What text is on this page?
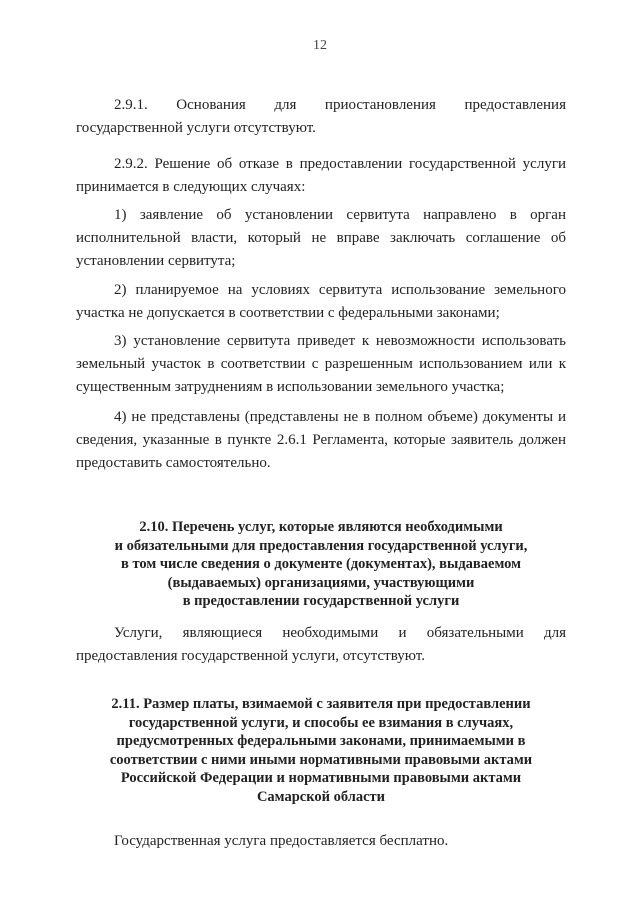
12

2.9.1. Основания для приостановления предоставления

государственной услуги отсутствуют.

2.9.2. Решение об отказе в предоставлении государственной услуги принимается в следующих случаях:

1) заявление об установлении сервитута направлено в орган исполнительной власти, который не вправе заключать соглашение об установлении сервитута;

2) планируемое на условиях сервитута использование земельного участка не допускается в соответствии с федеральными законами;

3) установление сервитута приведет к невозможности использовать земельный участок в соответствии с разрешенным использованием или к существенным затруднениям в использовании земельного участка;

4) не представлены (представлены не в полном объеме) документы и сведения, указанные в пункте 2.6.1 Регламента, которые заявитель должен предоставить самостоятельно.

2.10. Перечень услуг, которые являются необходимыми
и обязательными для предоставления государственной услуги,
в том числе сведения о документе (документах), выдаваемом
(выдаваемых) организациями, участвующими
в предоставлении государственной услуги

Услуги, являющиеся необходимыми и обязательными для

предоставления государственной услуги, отсутствуют.

2.11. Размер платы, взимаемой с заявителя при предоставлении
государственной услуги, и способы ее взимания в случаях,
предусмотренных федеральными законами, принимаемыми в
соответствии с ними иными нормативными правовыми актами
Российской Федерации и нормативными правовыми актами
Самарской области

Государственная услуга предоставляется бесплатно.
